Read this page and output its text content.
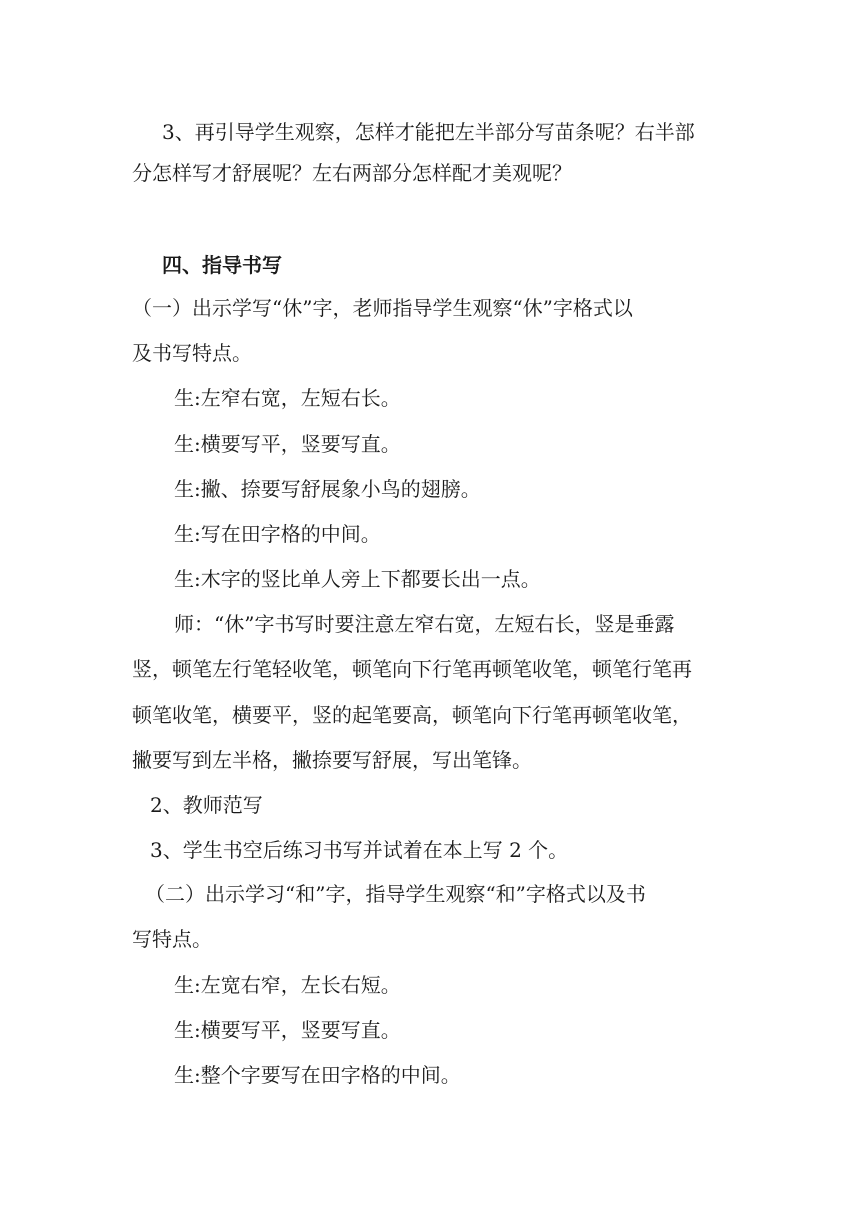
3、再引导学生观察，怎样才能把左半部分写苗条呢？右半部
分怎样写才舒展呢？左右两部分怎样配才美观呢？
四、指导书写
（一）出示学写“休”字，老师指导学生观察“休”字格式以
及书写特点。
生:左窄右宽，左短右长。
生:横要写平，竖要写直。
生:撇、捺要写舒展象小鸟的翅膀。
生:写在田字格的中间。
生:木字的竖比单人旁上下都要长出一点。
师：“休”字书写时要注意左窄右宽，左短右长，竖是垂露
竖，顿笔左行笔轻收笔，顿笔向下行笔再顿笔收笔，顿笔行笔再
顿笔收笔，横要平，竖的起笔要高，顿笔向下行笔再顿笔收笔，
撇要写到左半格，撇捺要写舒展，写出笔锋。
2、教师范写
3、学生书空后练习书写并试着在本上写 2 个。
（二）出示学习“和”字，指导学生观察“和”字格式以及书
写特点。
生:左宽右窄，左长右短。
生:横要写平，竖要写直。
生:整个字要写在田字格的中间。
